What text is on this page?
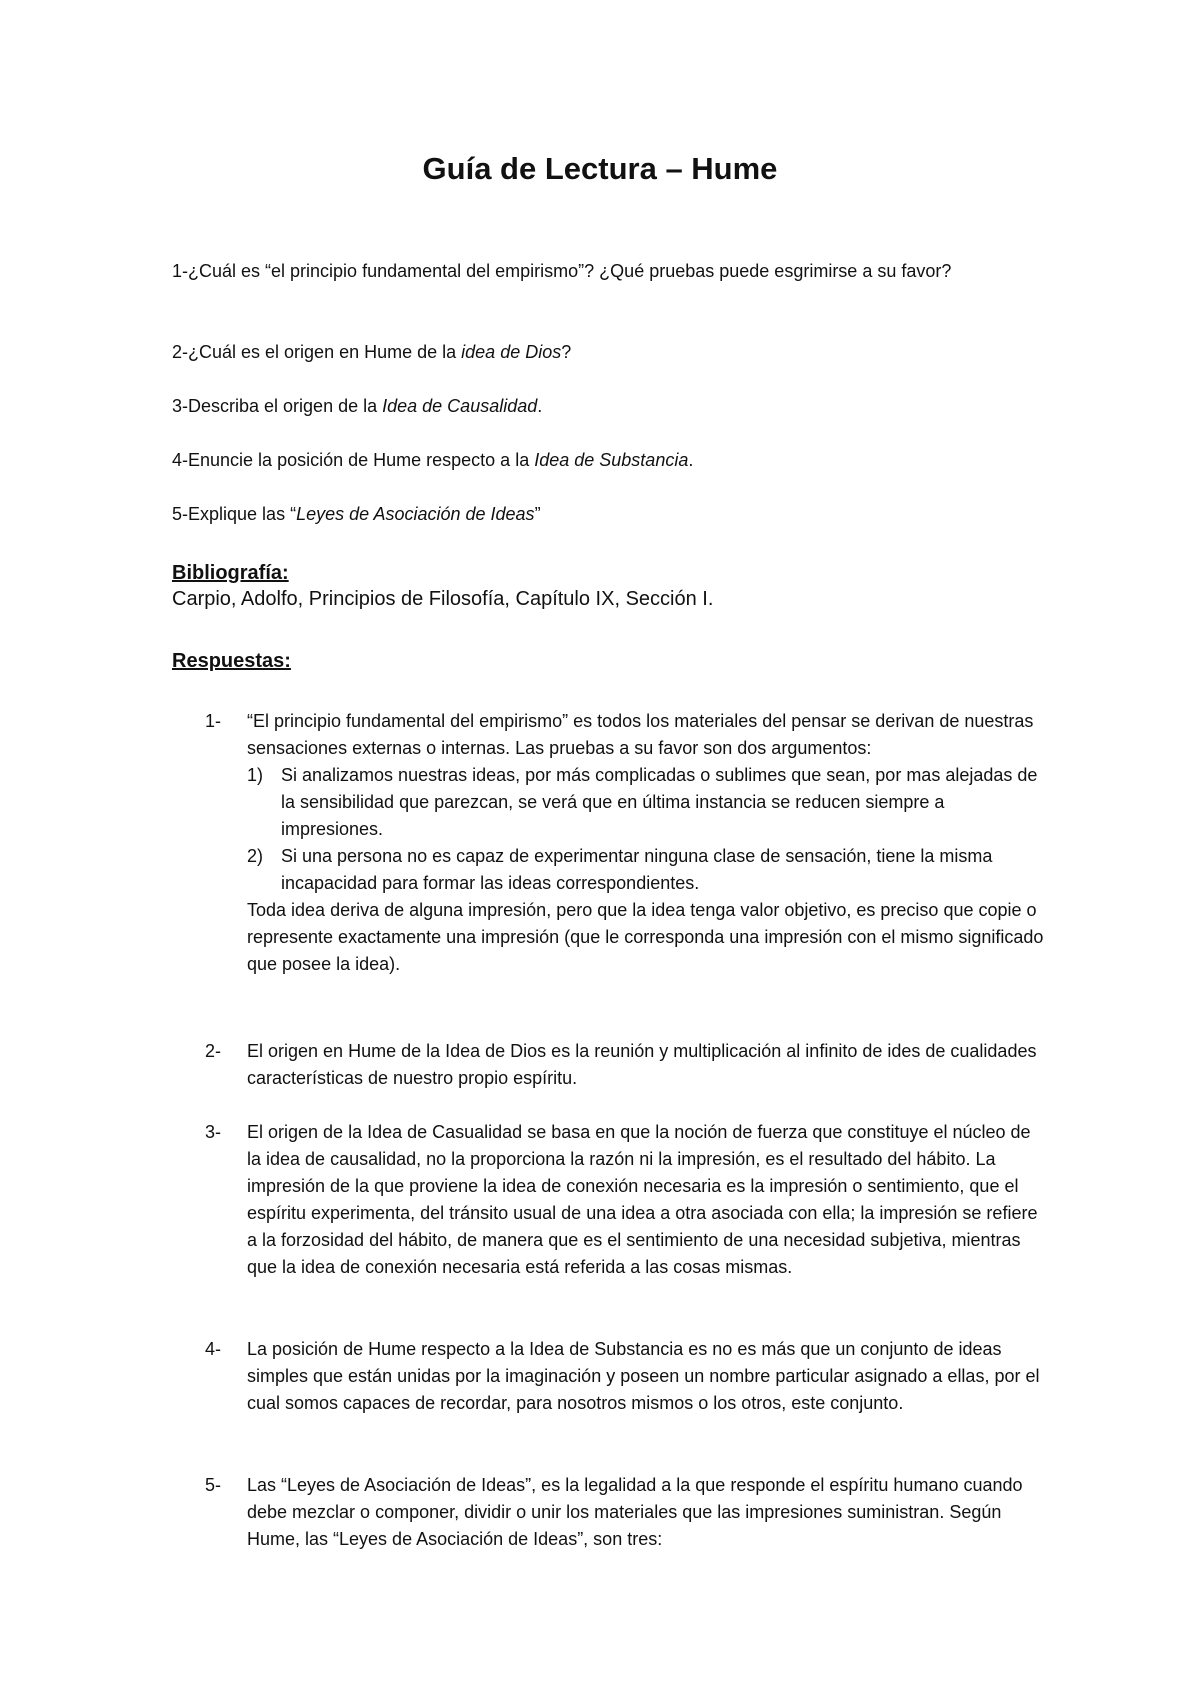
Guía de Lectura – Hume

1-¿Cuál es “el principio fundamental del empirismo”? ¿Qué pruebas puede esgrimirse a su favor?

2-¿Cuál es el origen en Hume de la idea de Dios?

3-Describa el origen de la Idea de Causalidad.

4-Enuncie la posición de Hume respecto a la Idea de Substancia.

5-Explique las “Leyes de Asociación de Ideas”

Bibliografía:
Carpio, Adolfo, Principios de Filosofía, Capítulo IX, Sección I.
Respuestas:
1-	“El principio fundamental del empirismo” es todos los materiales del pensar se derivan de nuestras sensaciones externas o internas. Las pruebas a su favor son dos argumentos:
1) Si analizamos nuestras ideas, por más complicadas o sublimes que sean, por mas alejadas de la sensibilidad que parezcan, se verá que en última instancia se reducen siempre a impresiones.
2) Si una persona no es capaz de experimentar ninguna clase de sensación, tiene la misma incapacidad para formar las ideas correspondientes.
Toda idea deriva de alguna impresión, pero que la idea tenga valor objetivo, es preciso que copie o represente exactamente una impresión (que le corresponda una impresión con el mismo significado que posee la idea).
2-	El origen en Hume de la Idea de Dios es la reunión y multiplicación al infinito de ides de cualidades características de nuestro propio espíritu.
3-	El origen de la Idea de Casualidad se basa en que la noción de fuerza que constituye el núcleo de la idea de causalidad, no la proporciona la razón ni la impresión, es el resultado del hábito. La impresión de la que proviene la idea de conexión necesaria es la impresión o sentimiento, que el espíritu experimenta, del tránsito usual de una idea a otra asociada con ella; la impresión se refiere a la forzosidad del hábito, de manera que es el sentimiento de una necesidad subjetiva, mientras que la idea de conexión necesaria está referida a las cosas mismas.
4-	La posición de Hume respecto a la Idea de Substancia es no es más que un conjunto de ideas simples que están unidas por la imaginación y poseen un nombre particular asignado a ellas, por el cual somos capaces de recordar, para nosotros mismos o los otros, este conjunto.
5-	Las “Leyes de Asociación de Ideas”, es la legalidad a la que responde el espíritu humano cuando debe mezclar o componer, dividir o unir los materiales que las impresiones suministran. Según Hume, las “Leyes de Asociación de Ideas”, son tres:
